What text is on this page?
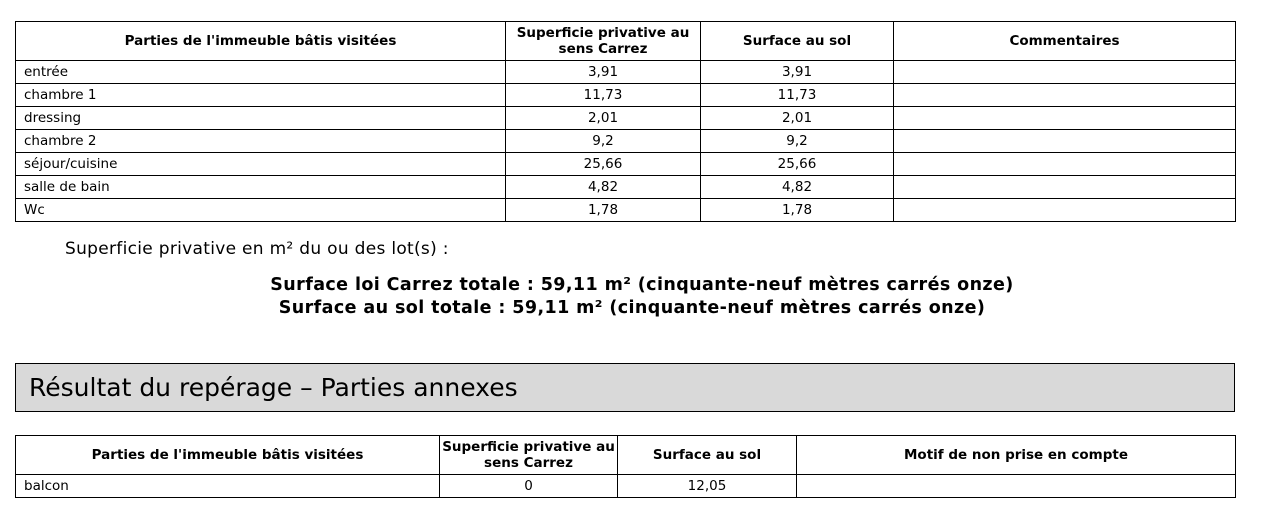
Parties de l'immeuble bâtis visitées	Superficie privative au sens Carrez	Surface au sol	Commentaires
entrée	3,91	3,91	
chambre 1	11,73	11,73	
dressing	2,01	2,01	
chambre 2	9,2	9,2	
séjour/cuisine	25,66	25,66	
salle de bain	4,82	4,82	
Wc	1,78	1,78	
Superficie privative en m² du ou des lot(s) :
Surface loi Carrez totale : 59,11 m² (cinquante-neuf mètres carrés onze)
Surface au sol totale : 59,11 m² (cinquante-neuf mètres carrés onze)
Résultat du repérage – Parties annexes
Parties de l'immeuble bâtis visitées	Superficie privative au sens Carrez	Surface au sol	Motif de non prise en compte
balcon	0	12,05	
